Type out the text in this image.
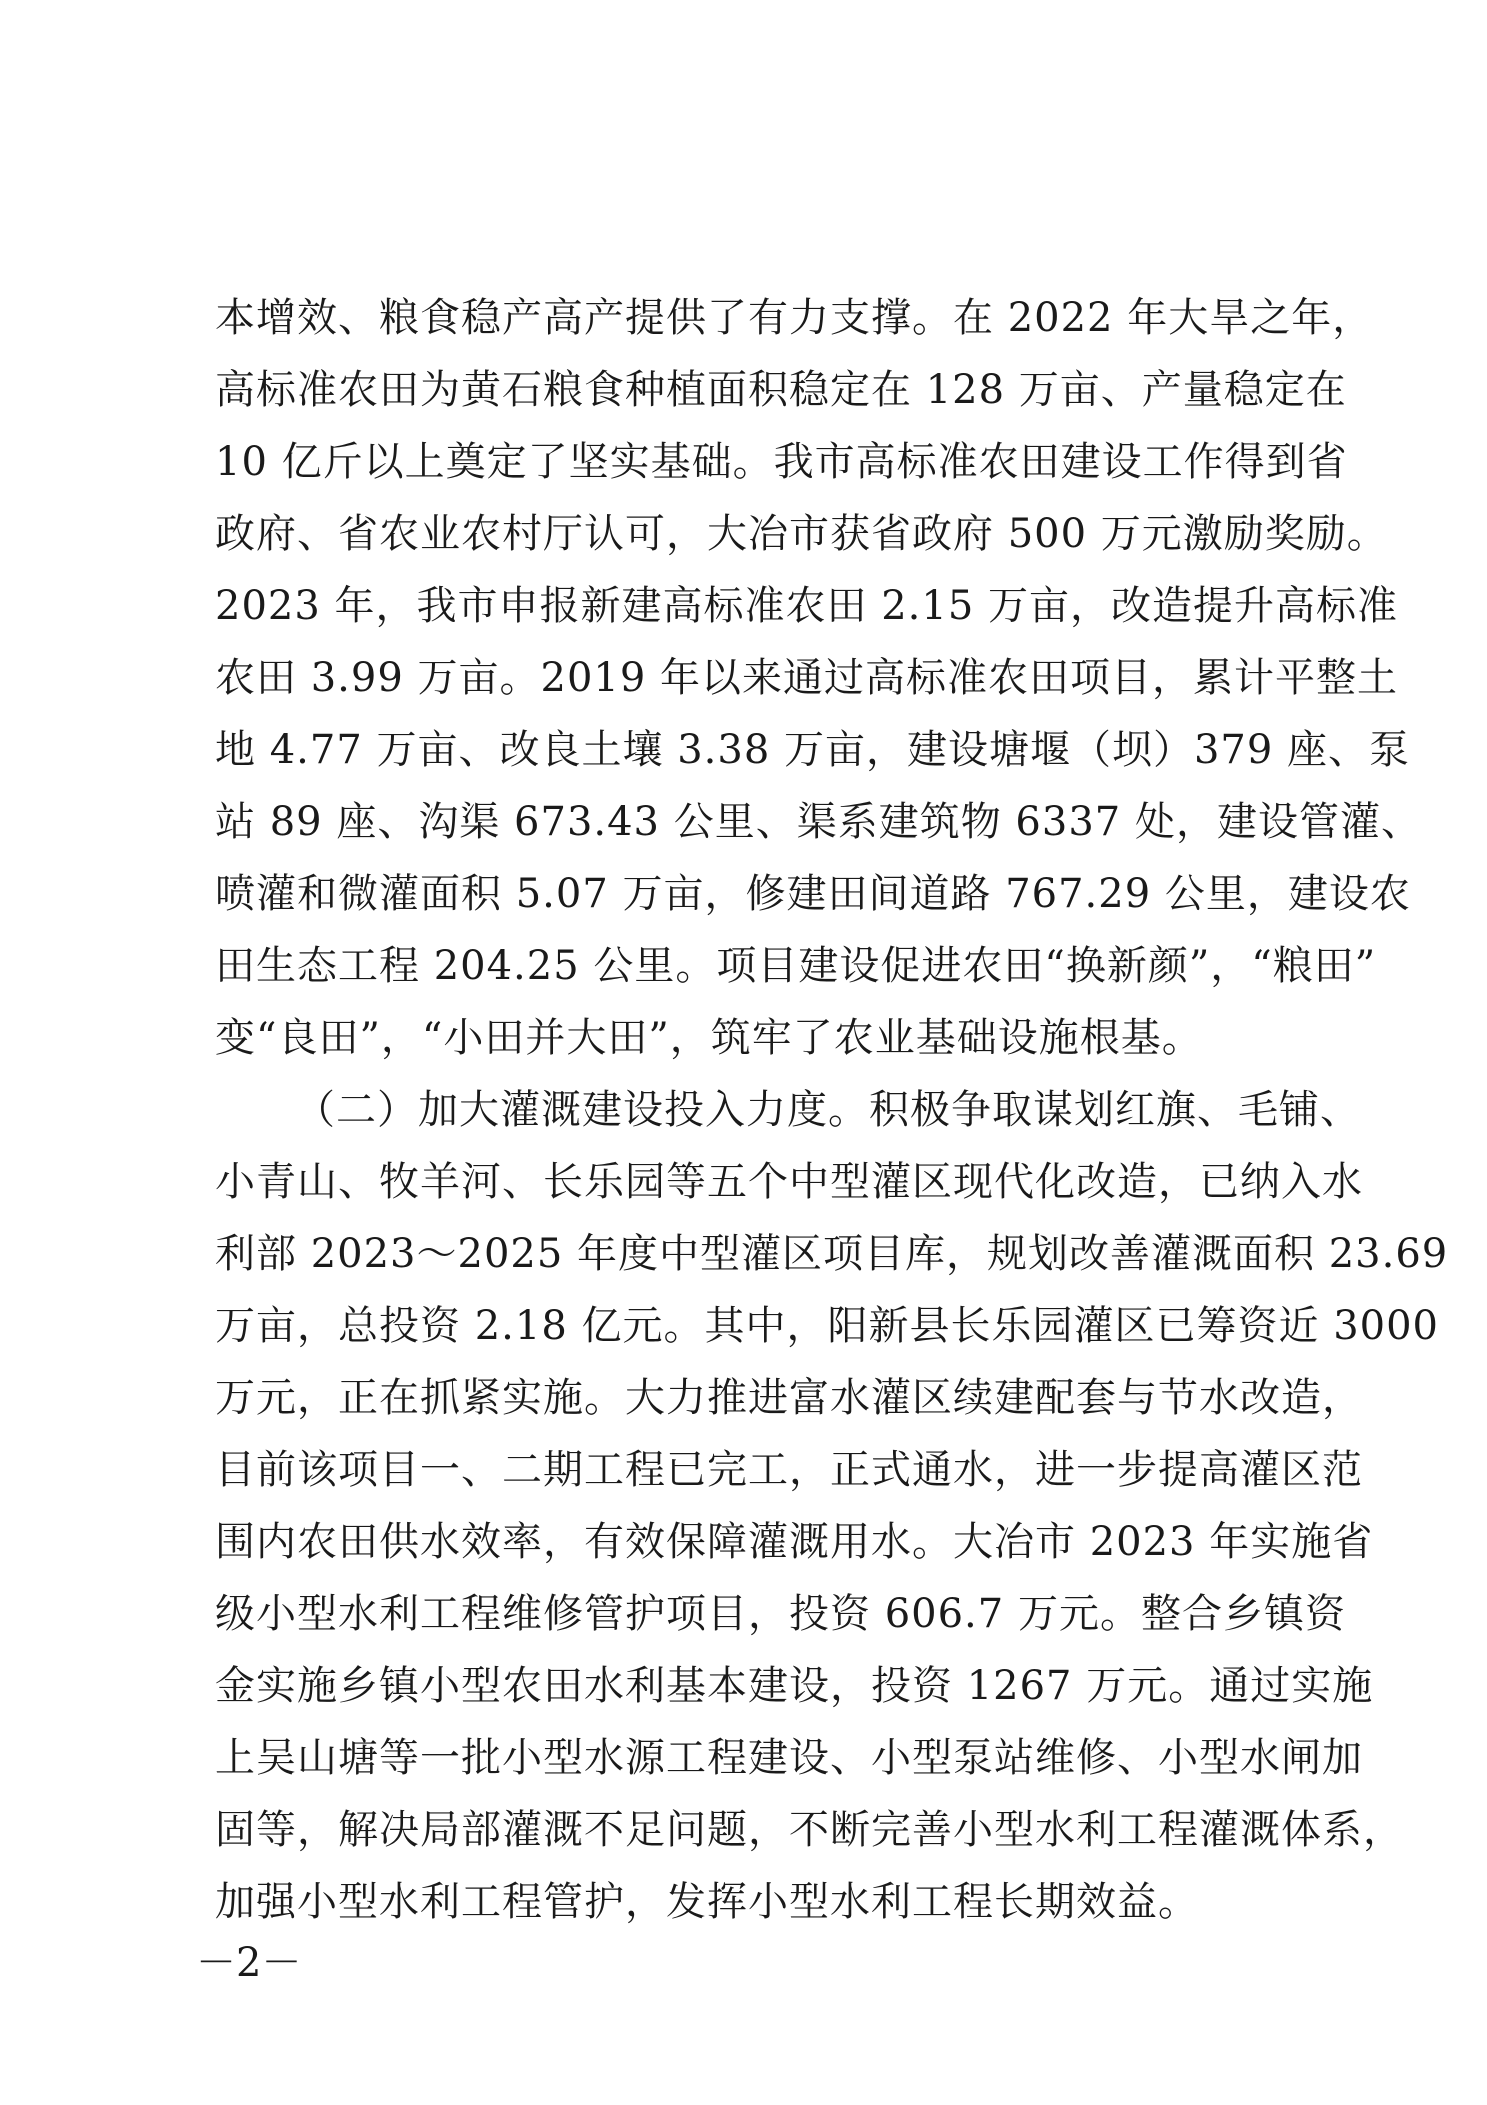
本增效、粮食稳产高产提供了有力支撑。在 2022 年大旱之年，
高标准农田为黄石粮食种植面积稳定在 128 万亩、产量稳定在
10 亿斤以上奠定了坚实基础。我市高标准农田建设工作得到省
政府、省农业农村厅认可，大冶市获省政府 500 万元激励奖励。
2023 年，我市申报新建高标准农田 2.15 万亩，改造提升高标准
农田 3.99 万亩。2019 年以来通过高标准农田项目，累计平整土
地 4.77 万亩、改良土壤 3.38 万亩，建设塘堰（坝）379 座、泵
站 89 座、沟渠 673.43 公里、渠系建筑物 6337 处，建设管灌、
喷灌和微灌面积 5.07 万亩，修建田间道路 767.29 公里，建设农
田生态工程 204.25 公里。项目建设促进农田“换新颜”，“粮田”
变“良田”，“小田并大田”，筑牢了农业基础设施根基。
（二）加大灌溉建设投入力度。积极争取谋划红旗、毛铺、
小青山、牧羊河、长乐园等五个中型灌区现代化改造，已纳入水
利部 2023～2025 年度中型灌区项目库，规划改善灌溉面积 23.69
万亩，总投资 2.18 亿元。其中，阳新县长乐园灌区已筹资近 3000
万元，正在抓紧实施。大力推进富水灌区续建配套与节水改造，
目前该项目一、二期工程已完工，正式通水，进一步提高灌区范
围内农田供水效率，有效保障灌溉用水。大冶市 2023 年实施省
级小型水利工程维修管护项目，投资 606.7 万元。整合乡镇资
金实施乡镇小型农田水利基本建设，投资 1267 万元。通过实施
上吴山塘等一批小型水源工程建设、小型泵站维修、小型水闸加
固等，解决局部灌溉不足问题，不断完善小型水利工程灌溉体系，
加强小型水利工程管护，发挥小型水利工程长期效益。
－2－
